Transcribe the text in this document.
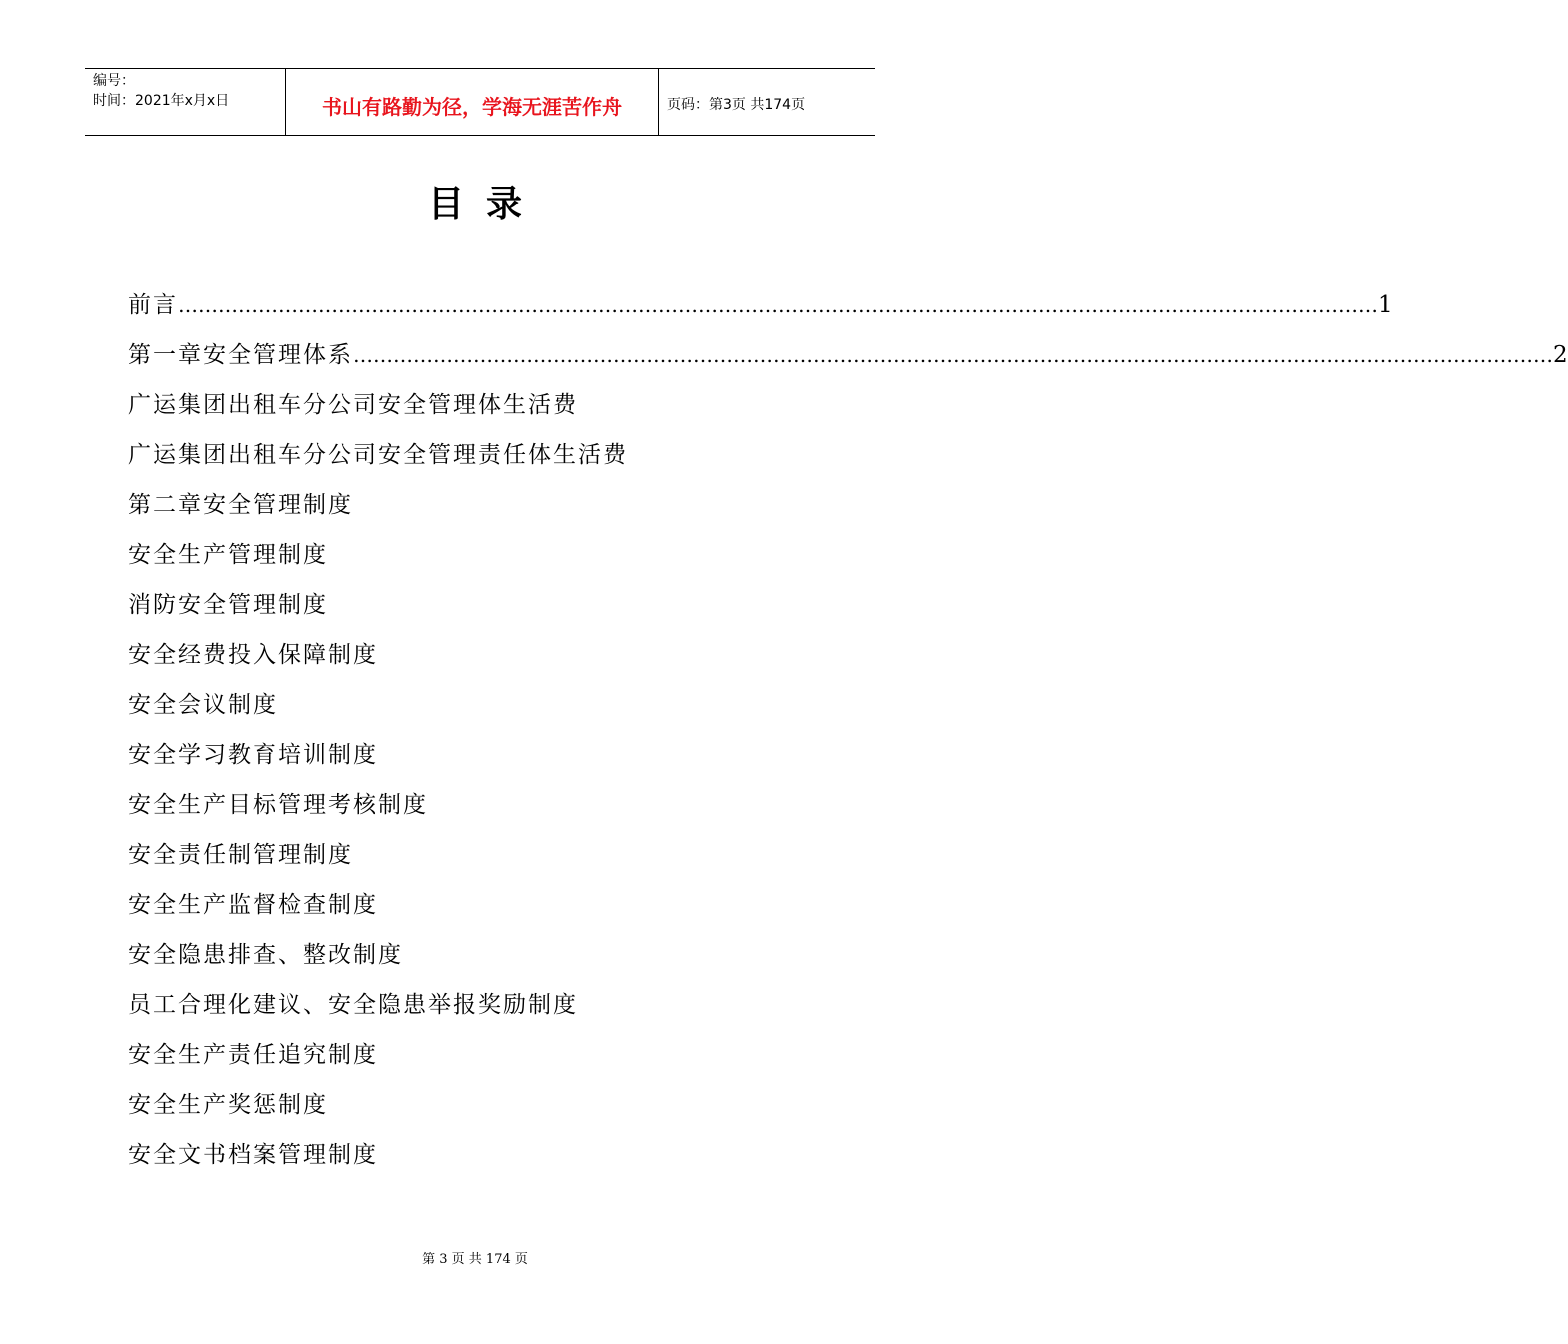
编号：
时间：2021年x月x日	书山有路勤为径，学海无涯苦作舟	页码：第3页 共174页
目录
前言 ……………………………………………………………………………………………………………………………………………………………… 1
第一章安全管理体系 ……………………………………………………………………………………………………………………………………………………………… 2
广运集团出租车分公司安全管理体生活费
广运集团出租车分公司安全管理责任体生活费
第二章安全管理制度
安全生产管理制度
消防安全管理制度
安全经费投入保障制度
安全会议制度
安全学习教育培训制度
安全生产目标管理考核制度
安全责任制管理制度
安全生产监督检查制度
安全隐患排查、整改制度
员工合理化建议、安全隐患举报奖励制度
安全生产责任追究制度
安全生产奖惩制度
安全文书档案管理制度
第 3 页 共 174 页
